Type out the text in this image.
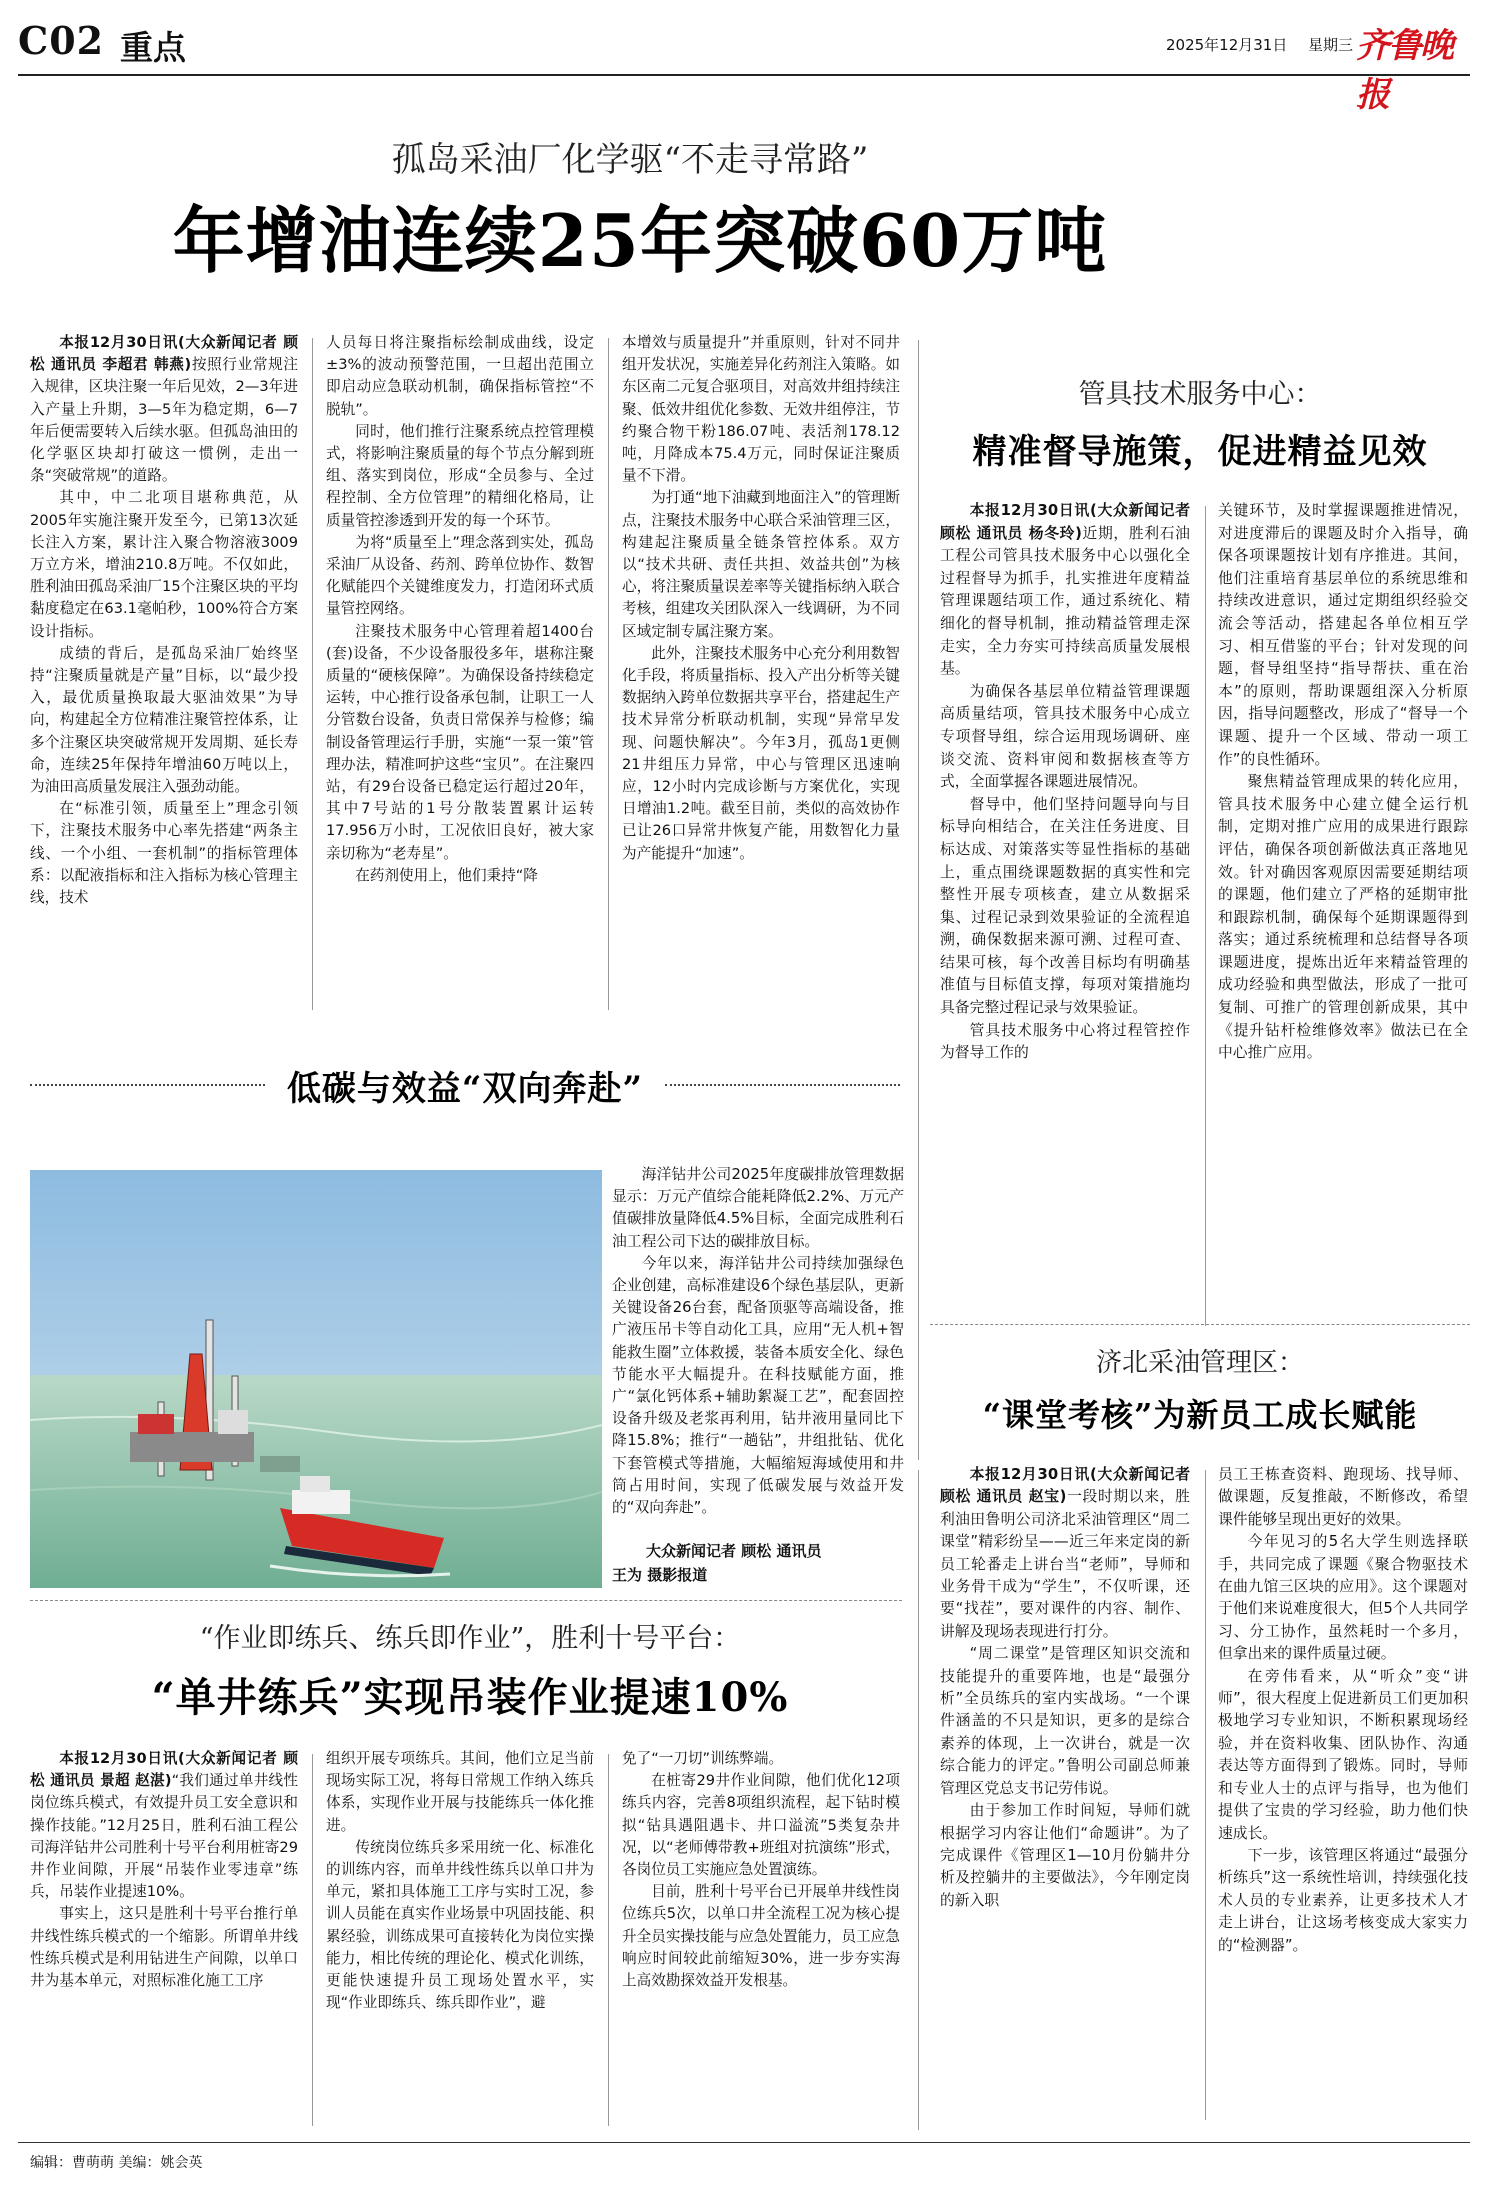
C02 重点	2025年12月31日 星期三 齐鲁晚报
孤岛采油厂化学驱“不走寻常路”
年增油连续25年突破60万吨

本报12月30日讯(大众新闻记者 顾松 通讯员 李超君 韩燕)按照行业常规注入规律，区块注聚一年后见效，2—3年进入产量上升期，3—5年为稳定期，6—7年后便需要转入后续水驱。但孤岛油田的化学驱区块却打破这一惯例，走出一条“突破常规”的道路。

其中，中二北项目堪称典范，从2005年实施注聚开发至今，已第13次延长注入方案，累计注入聚合物溶液3009万立方米，增油210.8万吨。不仅如此，胜利油田孤岛采油厂15个注聚区块的平均黏度稳定在63.1毫帕秒，100%符合方案设计指标。

成绩的背后，是孤岛采油厂始终坚持“注聚质量就是产量”目标，以“最少投入，最优质量换取最大驱油效果”为导向，构建起全方位精准注聚管控体系，让多个注聚区块突破常规开发周期、延长寿命，连续25年保持年增油60万吨以上，为油田高质量发展注入强劲动能。

在“标准引领，质量至上”理念引领下，注聚技术服务中心率先搭建“两条主线、一个小组、一套机制”的指标管理体系：以配液指标和注入指标为核心管理主线，技术

人员每日将注聚指标绘制成曲线，设定±3%的波动预警范围，一旦超出范围立即启动应急联动机制，确保指标管控“不脱轨”。

同时，他们推行注聚系统点控管理模式，将影响注聚质量的每个节点分解到班组、落实到岗位，形成“全员参与、全过程控制、全方位管理”的精细化格局，让质量管控渗透到开发的每一个环节。

为将“质量至上”理念落到实处，孤岛采油厂从设备、药剂、跨单位协作、数智化赋能四个关键维度发力，打造闭环式质量管控网络。

注聚技术服务中心管理着超1400台(套)设备，不少设备服役多年，堪称注聚质量的“硬核保障”。为确保设备持续稳定运转，中心推行设备承包制，让职工一人分管数台设备，负责日常保养与检修；编制设备管理运行手册，实施“一泵一策”管理办法，精准呵护这些“宝贝”。在注聚四站，有29台设备已稳定运行超过20年，其中7号站的1号分散装置累计运转17.956万小时，工况依旧良好，被大家亲切称为“老寿星”。

在药剂使用上，他们秉持“降

本增效与质量提升”并重原则，针对不同井组开发状况，实施差异化药剂注入策略。如东区南二元复合驱项目，对高效井组持续注聚、低效井组优化参数、无效井组停注，节约聚合物干粉186.07吨、表活剂178.12吨，月降成本75.4万元，同时保证注聚质量不下滑。

为打通“地下油藏到地面注入”的管理断点，注聚技术服务中心联合采油管理三区，构建起注聚质量全链条管控体系。双方以“技术共研、责任共担、效益共创”为核心，将注聚质量误差率等关键指标纳入联合考核，组建攻关团队深入一线调研，为不同区域定制专属注聚方案。

此外，注聚技术服务中心充分利用数智化手段，将质量指标、投入产出分析等关键数据纳入跨单位数据共享平台，搭建起生产技术异常分析联动机制，实现“异常早发现、问题快解决”。今年3月，孤岛1更侧21井组压力异常，中心与管理区迅速响应，12小时内完成诊断与方案优化，实现日增油1.2吨。截至目前，类似的高效协作已让26口异常井恢复产能，用数智化力量为产能提升“加速”。

管具技术服务中心：
精准督导施策，促进精益见效

本报12月30日讯(大众新闻记者 顾松 通讯员 杨冬玲)近期，胜利石油工程公司管具技术服务中心以强化全过程督导为抓手，扎实推进年度精益管理课题结项工作，通过系统化、精细化的督导机制，推动精益管理走深走实，全力夯实可持续高质量发展根基。

为确保各基层单位精益管理课题高质量结项，管具技术服务中心成立专项督导组，综合运用现场调研、座谈交流、资料审阅和数据核查等方式，全面掌握各课题进展情况。

督导中，他们坚持问题导向与目标导向相结合，在关注任务进度、目标达成、对策落实等显性指标的基础上，重点围绕课题数据的真实性和完整性开展专项核查，建立从数据采集、过程记录到效果验证的全流程追溯，确保数据来源可溯、过程可查、结果可核，每个改善目标均有明确基准值与目标值支撑，每项对策措施均具备完整过程记录与效果验证。

管具技术服务中心将过程管控作为督导工作的

关键环节，及时掌握课题推进情况，对进度滞后的课题及时介入指导，确保各项课题按计划有序推进。其间，他们注重培育基层单位的系统思维和持续改进意识，通过定期组织经验交流会等活动，搭建起各单位相互学习、相互借鉴的平台；针对发现的问题，督导组坚持“指导帮扶、重在治本”的原则，帮助课题组深入分析原因，指导问题整改，形成了“督导一个课题、提升一个区域、带动一项工作”的良性循环。

聚焦精益管理成果的转化应用，管具技术服务中心建立健全运行机制，定期对推广应用的成果进行跟踪评估，确保各项创新做法真正落地见效。针对确因客观原因需要延期结项的课题，他们建立了严格的延期审批和跟踪机制，确保每个延期课题得到落实；通过系统梳理和总结督导各项课题进度，提炼出近年来精益管理的成功经验和典型做法，形成了一批可复制、可推广的管理创新成果，其中《提升钻杆检维修效率》做法已在全中心推广应用。

低碳与效益“双向奔赴”

海洋钻井公司2025年度碳排放管理数据显示：万元产值综合能耗降低2.2%、万元产值碳排放量降低4.5%目标，全面完成胜利石油工程公司下达的碳排放目标。

今年以来，海洋钻井公司持续加强绿色企业创建，高标准建设6个绿色基层队，更新关键设备26台套，配备顶驱等高端设备，推广液压吊卡等自动化工具，应用“无人机+智能救生圈”立体救援，装备本质安全化、绿色节能水平大幅提升。在科技赋能方面，推广“氯化钙体系+辅助絮凝工艺”，配套固控设备升级及老浆再利用，钻井液用量同比下降15.8%；推行“一趟钻”，井组批钻、优化下套管模式等措施，大幅缩短海域使用和井筒占用时间，实现了低碳发展与效益开发的“双向奔赴”。

大众新闻记者 顾松 通讯员
王为 摄影报道
济北采油管理区：
“课堂考核”为新员工成长赋能

本报12月30日讯(大众新闻记者 顾松 通讯员 赵宝)一段时期以来，胜利油田鲁明公司济北采油管理区“周二课堂”精彩纷呈——近三年来定岗的新员工轮番走上讲台当“老师”，导师和业务骨干成为“学生”，不仅听课，还要“找茬”，要对课件的内容、制作、讲解及现场表现进行打分。

“周二课堂”是管理区知识交流和技能提升的重要阵地，也是“最强分析”全员练兵的室内实战场。“一个课件涵盖的不只是知识，更多的是综合素养的体现，上一次讲台，就是一次综合能力的评定。”鲁明公司副总师兼管理区党总支书记劳伟说。

由于参加工作时间短，导师们就根据学习内容让他们“命题讲”。为了完成课件《管理区1—10月份躺井分析及控躺井的主要做法》，今年刚定岗的新入职

员工王栋查资料、跑现场、找导师、做课题，反复推敲，不断修改，希望课件能够呈现出更好的效果。

今年见习的5名大学生则选择联手，共同完成了课题《聚合物驱技术在曲九馆三区块的应用》。这个课题对于他们来说难度很大，但5个人共同学习、分工协作，虽然耗时一个多月，但拿出来的课件质量过硬。

在旁伟看来，从“听众”变“讲师”，很大程度上促进新员工们更加积极地学习专业知识，不断积累现场经验，并在资料收集、团队协作、沟通表达等方面得到了锻炼。同时，导师和专业人士的点评与指导，也为他们提供了宝贵的学习经验，助力他们快速成长。

下一步，该管理区将通过“最强分析练兵”这一系统性培训，持续强化技术人员的专业素养，让更多技术人才走上讲台，让这场考核变成大家实力的“检测器”。

“作业即练兵、练兵即作业”，胜利十号平台：
“单井练兵”实现吊装作业提速10%

本报12月30日讯(大众新闻记者 顾松 通讯员 景超 赵湛)“我们通过单井线性岗位练兵模式，有效提升员工安全意识和操作技能。”12月25日，胜利石油工程公司海洋钻井公司胜利十号平台利用桩寄29井作业间隙，开展“吊装作业零违章”练兵，吊装作业提速10%。

事实上，这只是胜利十号平台推行单井线性练兵模式的一个缩影。所谓单井线性练兵模式是利用钻进生产间隙，以单口井为基本单元，对照标准化施工工序

组织开展专项练兵。其间，他们立足当前现场实际工况，将每日常规工作纳入练兵体系，实现作业开展与技能练兵一体化推进。

传统岗位练兵多采用统一化、标准化的训练内容，而单井线性练兵以单口井为单元，紧扣具体施工工序与实时工况，参训人员能在真实作业场景中巩固技能、积累经验，训练成果可直接转化为岗位实操能力，相比传统的理论化、模式化训练，更能快速提升员工现场处置水平，实现“作业即练兵、练兵即作业”，避

免了“一刀切”训练弊端。

在桩寄29井作业间隙，他们优化12项练兵内容，完善8项组织流程，起下钻时模拟“钻具遇阻遇卡、井口溢流”5类复杂井况，以“老师傅带教+班组对抗演练”形式，各岗位员工实施应急处置演练。

目前，胜利十号平台已开展单井线性岗位练兵5次，以单口井全流程工况为核心提升全员实操技能与应急处置能力，员工应急响应时间较此前缩短30%，进一步夯实海上高效勘探效益开发根基。

编辑：曹萌萌 美编：姚会英
